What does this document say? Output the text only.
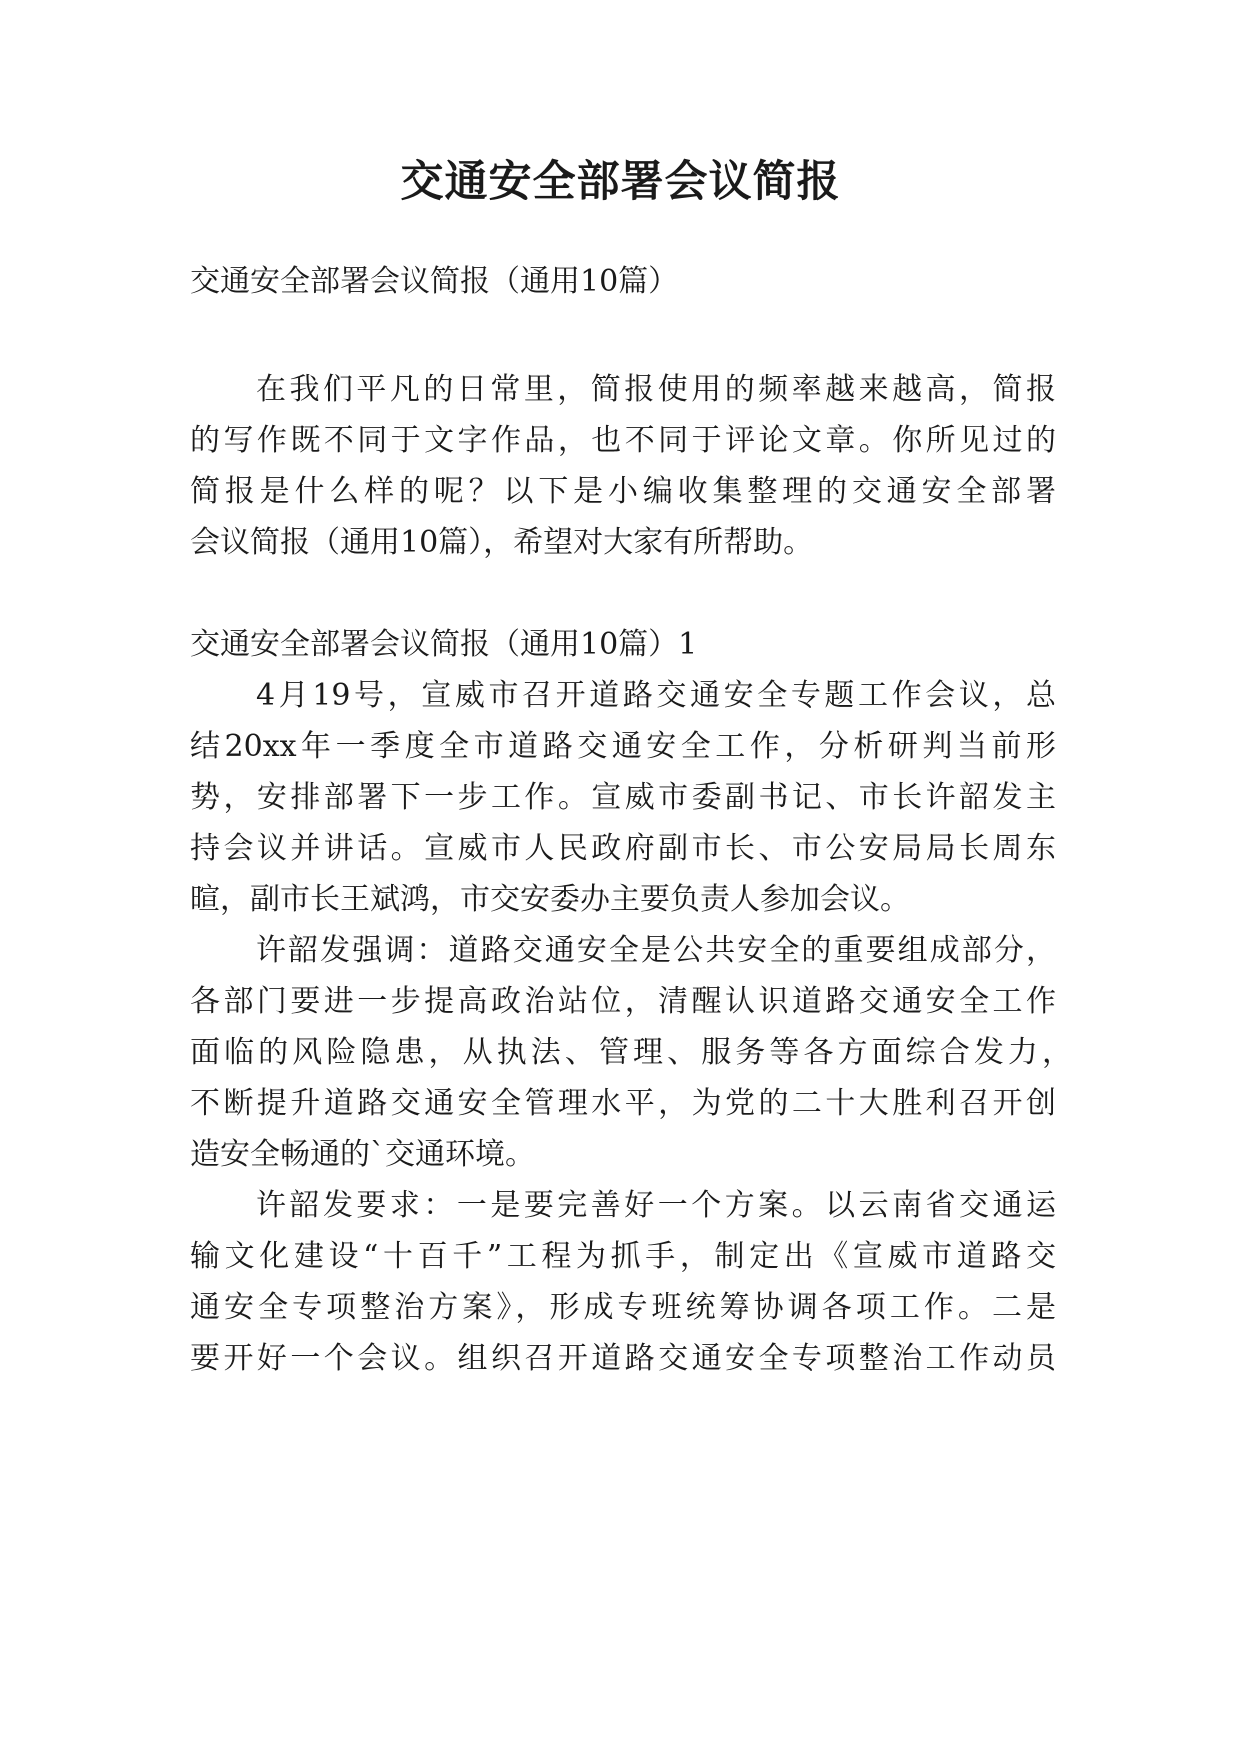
交通安全部署会议简报

交通安全部署会议简报（通用10篇）

在我们平凡的日常里，简报使用的频率越来越高，简报

的写作既不同于文字作品，也不同于评论文章。你所见过的

简报是什么样的呢？以下是小编收集整理的交通安全部署

会议简报（通用10篇），希望对大家有所帮助。

交通安全部署会议简报（通用10篇）1

4月19号，宣威市召开道路交通安全专题工作会议，总

结20xx年一季度全市道路交通安全工作，分析研判当前形

势，安排部署下一步工作。宣威市委副书记、市长许韶发主

持会议并讲话。宣威市人民政府副市长、市公安局局长周东

暄，副市长王斌鸿，市交安委办主要负责人参加会议。

许韶发强调：道路交通安全是公共安全的重要组成部分，

各部门要进一步提高政治站位，清醒认识道路交通安全工作

面临的风险隐患，从执法、管理、服务等各方面综合发力，

不断提升道路交通安全管理水平，为党的二十大胜利召开创

造安全畅通的`交通环境。

许韶发要求：一是要完善好一个方案。以云南省交通运

输文化建设“十百千”工程为抓手，制定出《宣威市道路交

通安全专项整治方案》，形成专班统筹协调各项工作。二是

要开好一个会议。组织召开道路交通安全专项整治工作动员
